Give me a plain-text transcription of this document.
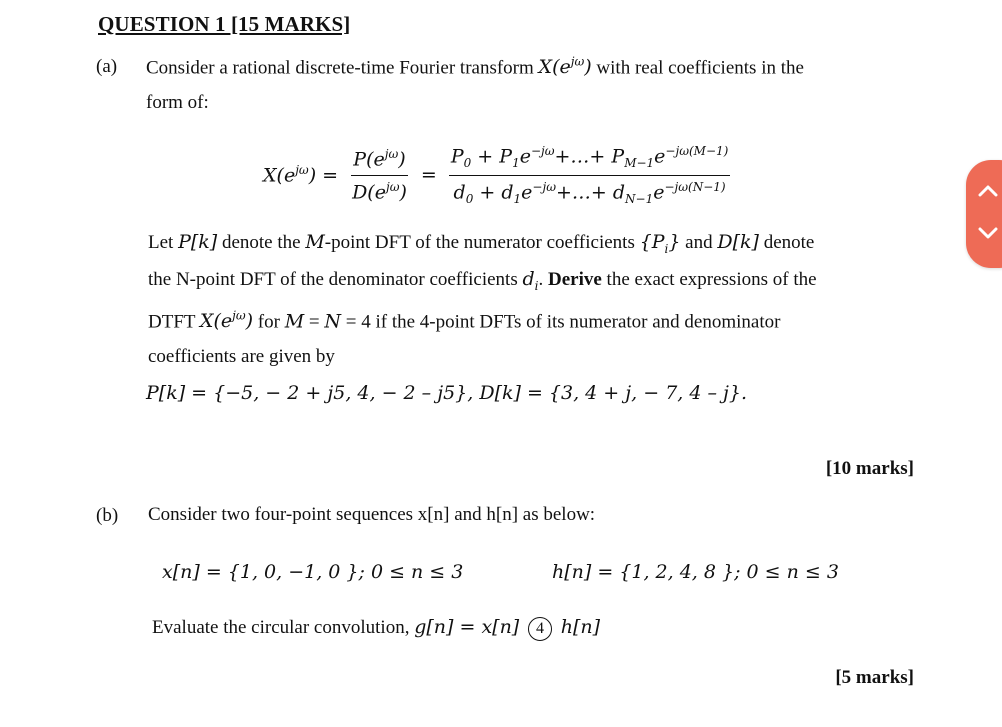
QUESTION 1 [15 MARKS]
(a) Consider a rational discrete-time Fourier transform $X(e^{j\omega})$ with real coefficients in the
form of:
$X(e^{j\omega}) = \frac{P(e^{j\omega})}{D(e^{j\omega})} = \frac{P_0 + P_1e^{-j\omega}+\dots+ P_{M-1}e^{-j\omega(M-1)}}{d_0 + d_1e^{-j\omega}+\dots+ d_{N-1}e^{-j\omega(N-1)}}$
Let P[k] denote the M-point DFT of the numerator coefficients $\{P_i\}$ and D[k] denote
the N-point DFT of the denominator coefficients $d_i$. Derive the exact expressions of the
DTFT $X(e^{j\omega})$ for M = N = 4 if the 4-point DFTs of its numerator and denominator
coefficients are given by
P[k] = {−5, − 2 + j5, 4, − 2 – j5}, D[k] = {3, 4 + j, − 7, 4 – j}.
[10 marks]
(b) Consider two four-point sequences x[n] and h[n] as below:
x[n] = {1, 0, −1, 0 }; 0 ≤ n ≤ 3	h[n] = {1, 2, 4, 8 }; 0 ≤ n ≤ 3
Evaluate the circular convolution, g[n] = x[n] 4 h[n]
[5 marks]
